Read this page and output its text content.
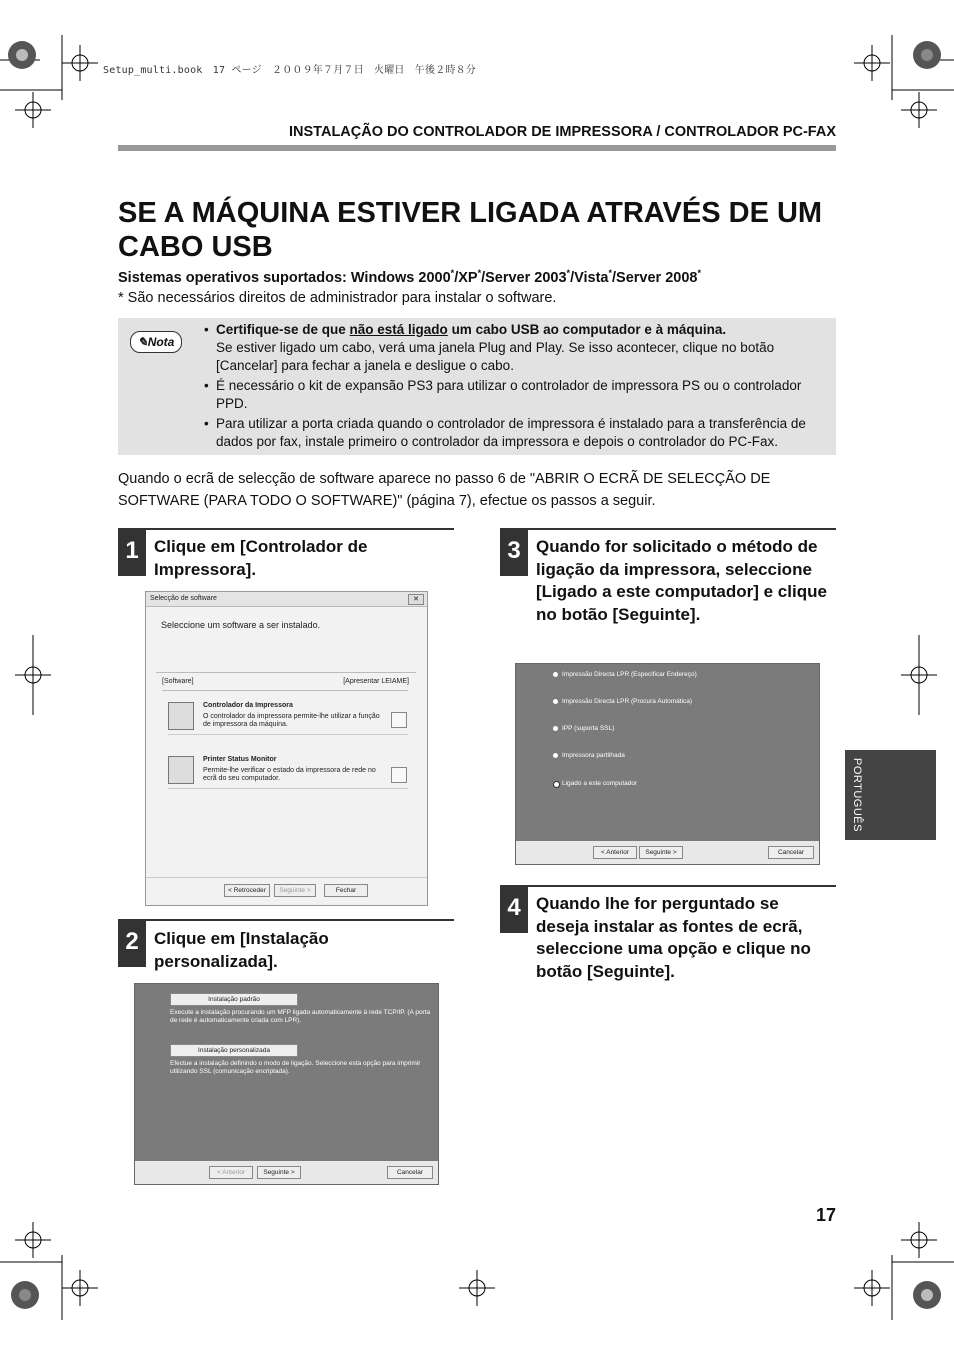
Setup_multi.book　17 ページ　２００９年７月７日　火曜日　午後２時８分
INSTALAÇÃO DO CONTROLADOR DE IMPRESSORA / CONTROLADOR PC-FAX
SE A MÁQUINA ESTIVER LIGADA ATRAVÉS DE UM CABO USB
Sistemas operativos suportados: Windows 2000*/XP*/Server 2003*/Vista*/Server 2008*
* São necessários direitos de administrador para instalar o software.
✎Nota
• Certifique-se de que não está ligado um cabo USB ao computador e à máquina.
Se estiver ligado um cabo, verá uma janela Plug and Play. Se isso acontecer, clique no botão [Cancelar] para fechar a janela e desligue o cabo.
• É necessário o kit de expansão PS3 para utilizar o controlador de impressora PS ou o controlador PPD.
• Para utilizar a porta criada quando o controlador de impressora é instalado para a transferência de dados por fax, instale primeiro o controlador da impressora e depois o controlador do PC-Fax.
Quando o ecrã de selecção de software aparece no passo 6 de "ABRIR O ECRÃ DE SELECÇÃO DE SOFTWARE (PARA TODO O SOFTWARE)" (página 7), efectue os passos a seguir.
1 Clique em [Controlador de Impressora].
Selecção de software	✕
Seleccione um software a ser instalado.
[Software]	[Apresentar LEIAME]
Controlador da Impressora
O controlador da impressora permite-lhe utilizar a função de impressora da máquina.
Printer Status Monitor
Permite-lhe verificar o estado da impressora de rede no ecrã do seu computador.
< Retroceder	Seguinte >	Fechar
2 Clique em [Instalação personalizada].
Instalação padrão
Execute a instalação procurando um MFP ligado automaticamente à rede TCP/IP. (A porta de rede é automaticamente criada com LPR).
Instalação personalizada
Efectue a instalação definindo o modo de ligação. Seleccione esta opção para imprimir utilizando SSL (comunicação encriptada).
< Anterior	Seguinte >	Cancelar
3 Quando for solicitado o método de ligação da impressora, seleccione [Ligado a este computador] e clique no botão [Seguinte].
Impressão Directa LPR (Especificar Endereço)
Impressão Directa LPR (Procura Automática)
IPP (suporta SSL)
Impressora partilhada
Ligado a este computador
< Anterior	Seguinte >	Cancelar
4 Quando lhe for perguntado se deseja instalar as fontes de ecrã, seleccione uma opção e clique no botão [Seguinte].
PORTUGUÊS
17
